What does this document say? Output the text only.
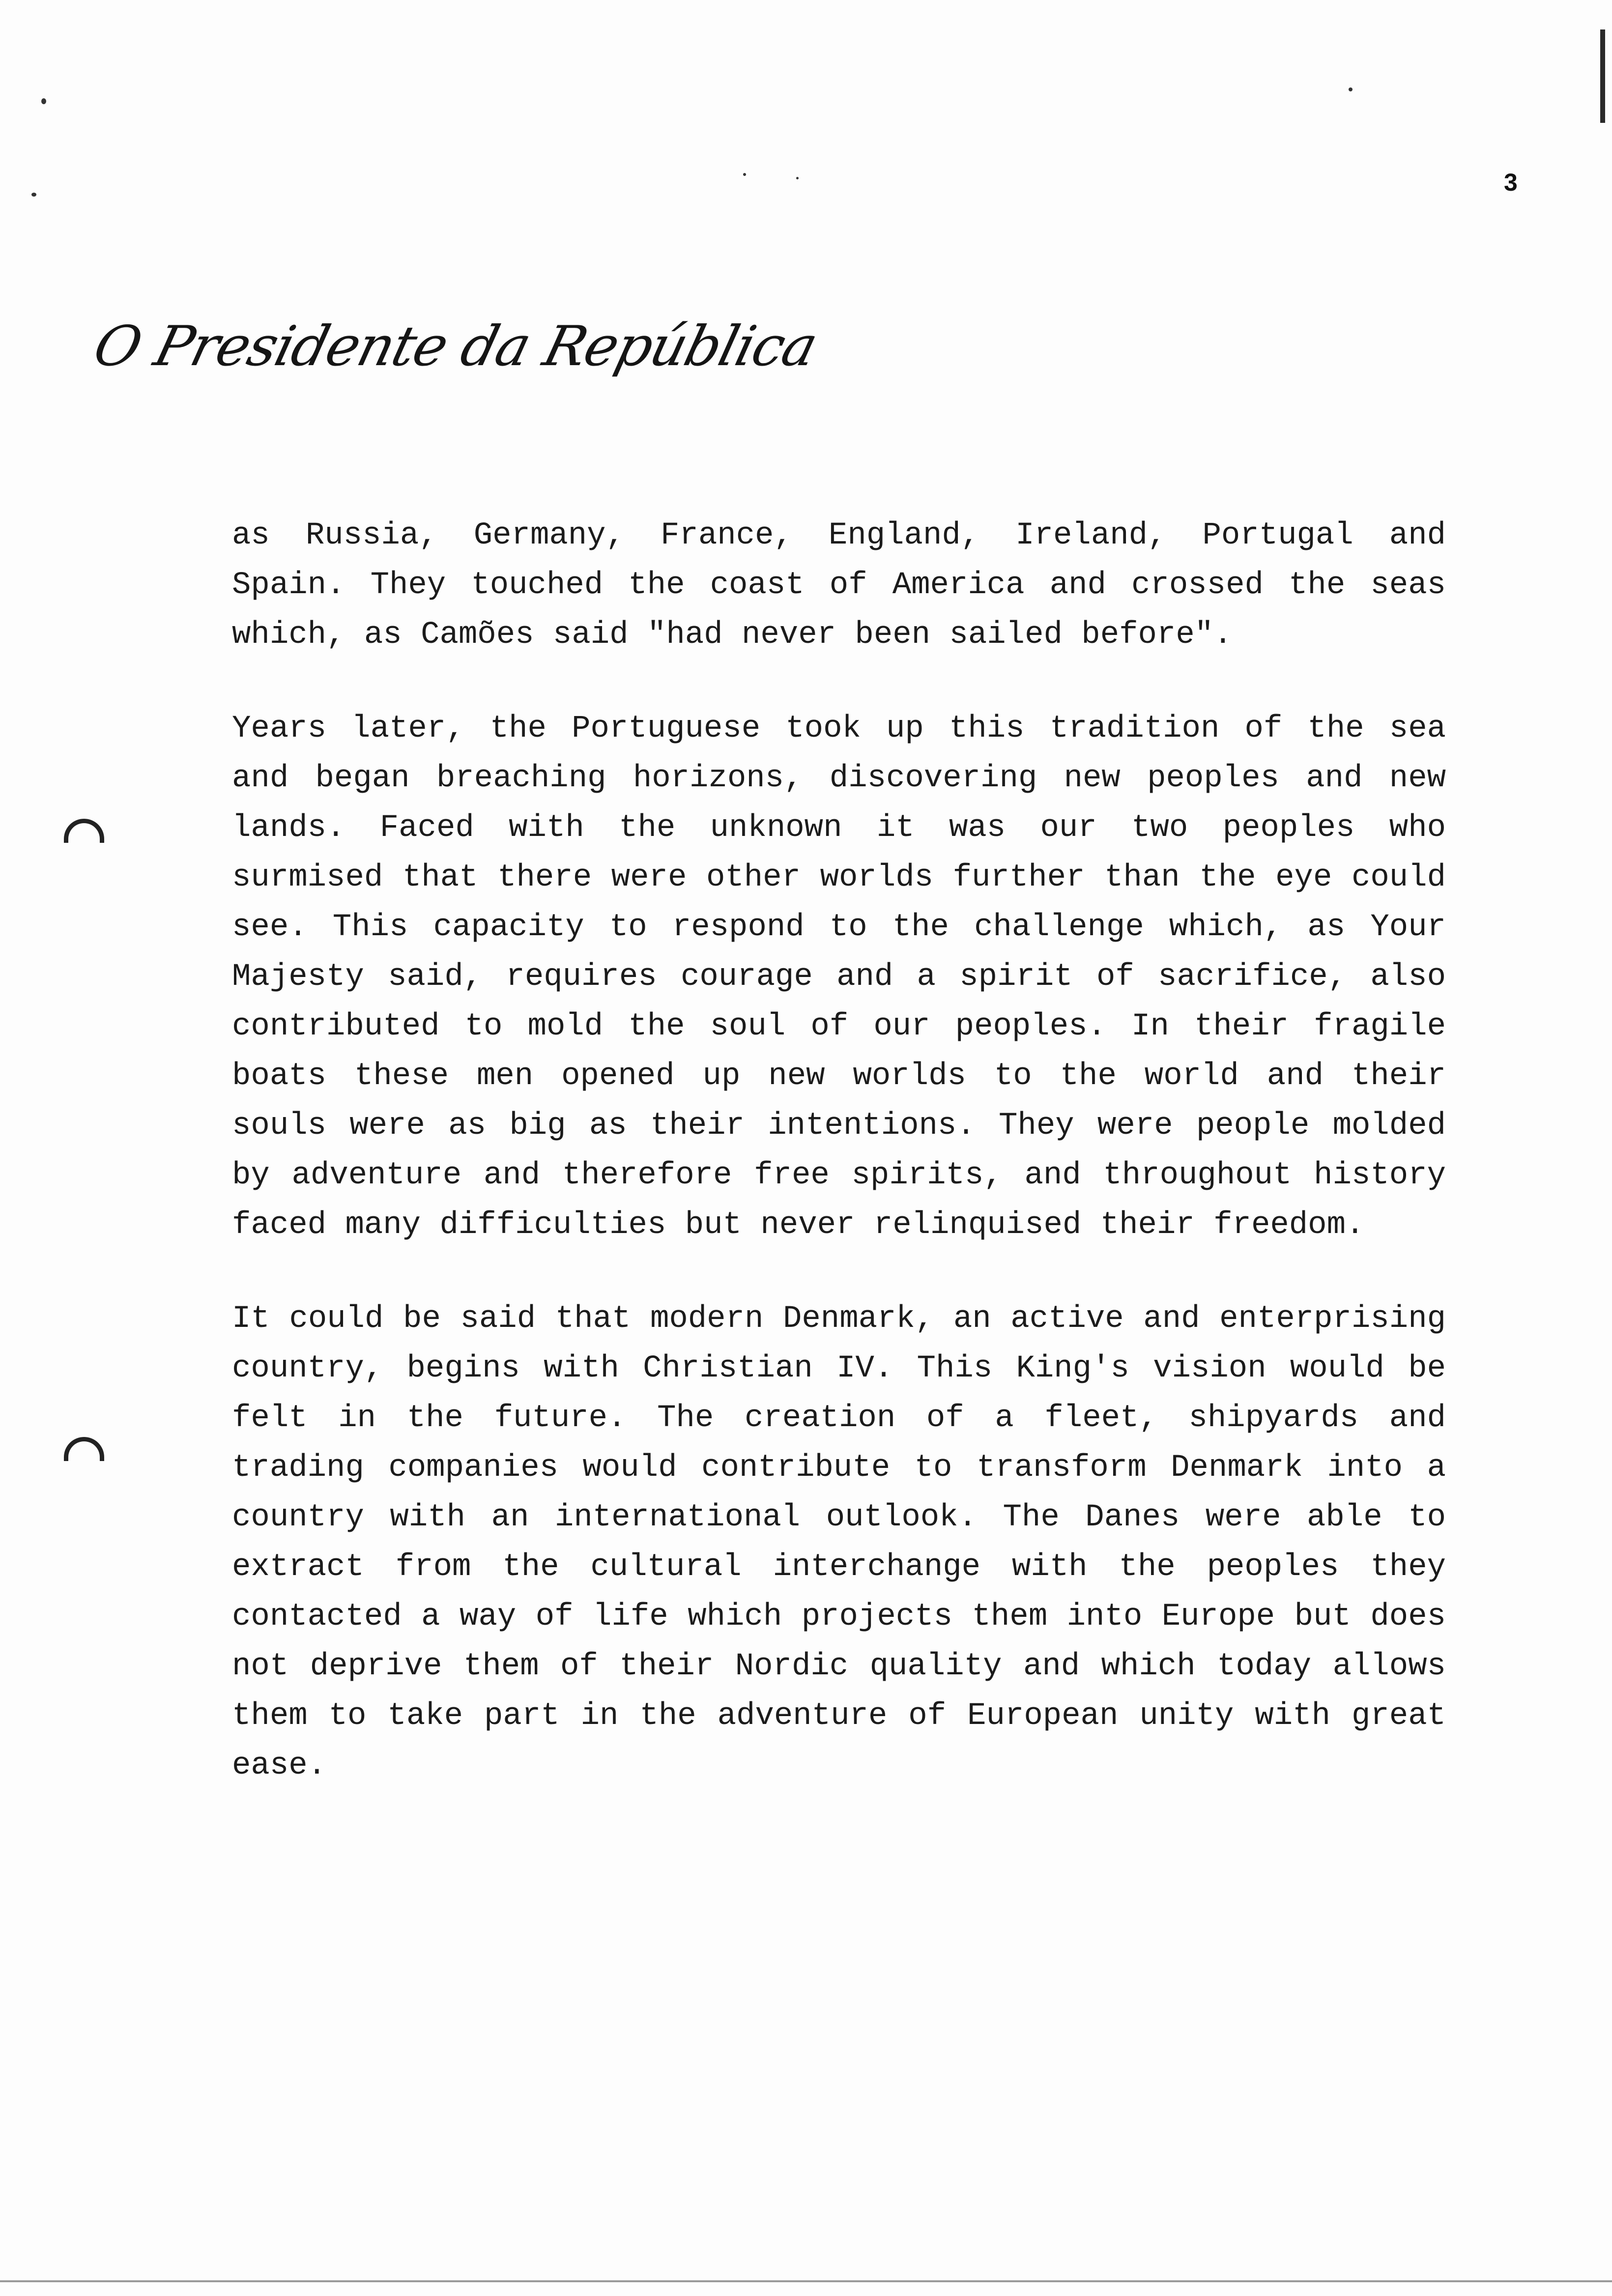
3
O Presidente da República

as Russia, Germany, France, England, Ireland, Portugal and Spain. They touched the coast of America and crossed the seas which, as Camões said "had never been sailed before".

Years later, the Portuguese took up this tradition of the sea and began breaching horizons, discovering new peoples and new lands. Faced with the unknown it was our two peoples who surmised that there were other worlds further than the eye could see. This capacity to respond to the challenge which, as Your Majesty said, requires courage and a spirit of sacrifice, also contributed to mold the soul of our peoples. In their fragile boats these men opened up new worlds to the world and their souls were as big as their intentions. They were people molded by adventure and therefore free spirits, and throughout history faced many difficulties but never relinquised their freedom.

It could be said that modern Denmark, an active and enterprising country, begins with Christian IV. This King's vision would be felt in the future. The creation of a fleet, shipyards and trading companies would contribute to transform Denmark into a country with an international outlook. The Danes were able to extract from the cultural interchange with the peoples they contacted a way of life which projects them into Europe but does not deprive them of their Nordic quality and which today allows them to take part in the adventure of European unity with great ease.
